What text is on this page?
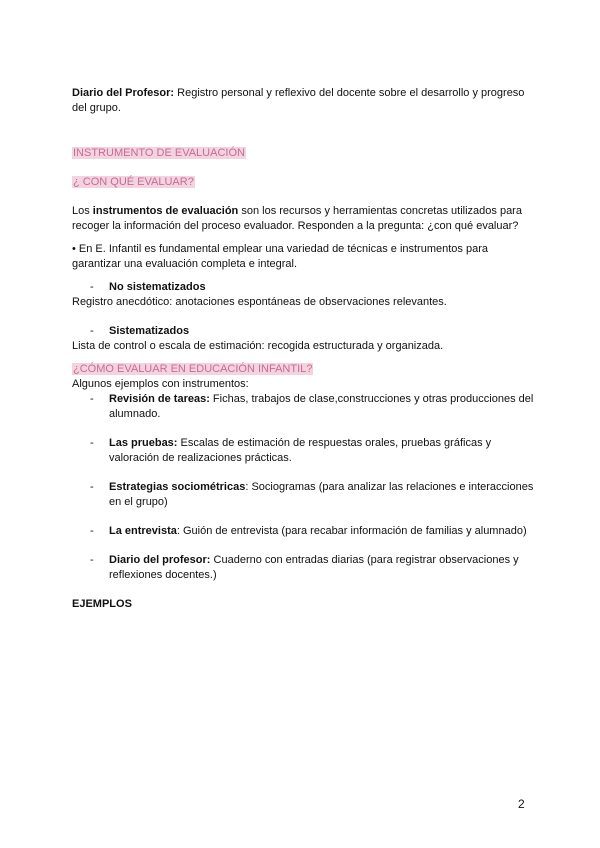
Diario del Profesor: Registro personal y reflexivo del docente sobre el desarrollo y progreso del grupo.

INSTRUMENTO DE EVALUACIÓN

¿ CON QUÉ EVALUAR?

Los instrumentos de evaluación son los recursos y herramientas concretas utilizados para recoger la información del proceso evaluador. Responden a la pregunta: ¿con qué evaluar?

• En E. Infantil es fundamental emplear una variedad de técnicas e instrumentos para garantizar una evaluación completa e integral.

- No sistematizados

Registro anecdótico: anotaciones espontáneas de observaciones relevantes.

- Sistematizados

Lista de control o escala de estimación: recogida estructurada y organizada.

¿CÓMO EVALUAR EN EDUCACIÓN INFANTIL?

Algunos ejemplos con instrumentos:

- Revisión de tareas: Fichas, trabajos de clase,construcciones y otras producciones del alumnado.

- Las pruebas: Escalas de estimación de respuestas orales, pruebas gráficas y valoración de realizaciones prácticas.

- Estrategias sociométricas: Sociogramas (para analizar las relaciones e interacciones en el grupo)

- La entrevista: Guión de entrevista (para recabar información de familias y alumnado)

- Diario del profesor: Cuaderno con entradas diarias (para registrar observaciones y reflexiones docentes.)

EJEMPLOS

2
